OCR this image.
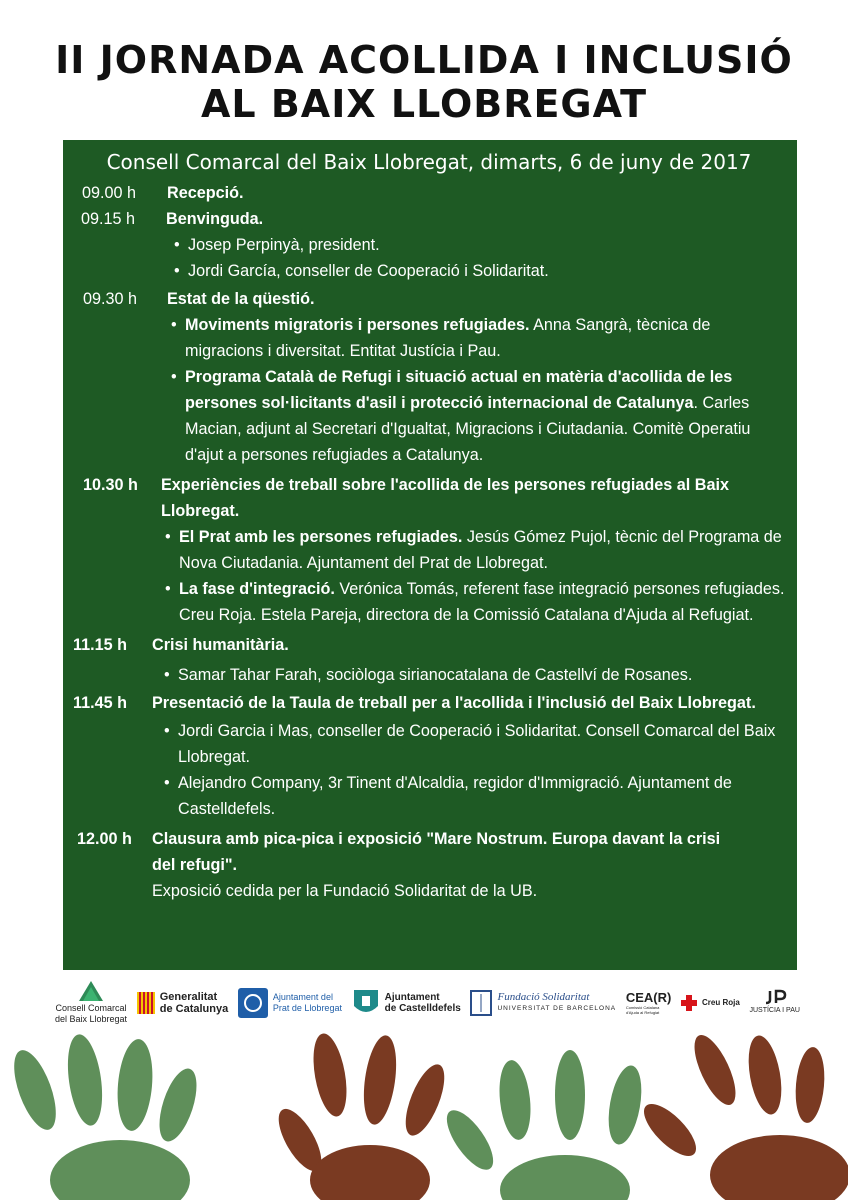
II JORNADA ACOLLIDA I INCLUSIÓ
AL BAIX LLOBREGAT
Consell Comarcal del Baix Llobregat, dimarts, 6 de juny de 2017
09.00 h Recepció.
09.15 h Benvinguda.
• Josep Perpinyà, president.
• Jordi García, conseller de Cooperació i Solidaritat.
09.30 h Estat de la qüestió.
• Moviments migratoris i persones refugiades. Anna Sangrà, tècnica de migracions i diversitat. Entitat Justícia i Pau.
• Programa Català de Refugi i situació actual en matèria d'acollida de les persones sol·licitants d'asil i protecció internacional de Catalunya. Carles Macian, adjunt al Secretari d'Igualtat, Migracions i Ciutadania. Comitè Operatiu d'ajut a persones refugiades a Catalunya.
10.30 h Experiències de treball sobre l'acollida de les persones refugiades al Baix Llobregat.
• El Prat amb les persones refugiades. Jesús Gómez Pujol, tècnic del Programa de Nova Ciutadania. Ajuntament del Prat de Llobregat.
• La fase d'integració. Verónica Tomás, referent fase integració persones refugiades. Creu Roja. Estela Pareja, directora de la Comissió Catalana d'Ajuda al Refugiat.
11.15 h Crisi humanitària.
• Samar Tahar Farah, sociòloga sirianocatalana de Castellví de Rosanes.
11.45 h Presentació de la Taula de treball per a l'acollida i l'inclusió del Baix Llobregat.
• Jordi Garcia i Mas, conseller de Cooperació i Solidaritat. Consell Comarcal del Baix Llobregat.
• Alejandro Company, 3r Tinent d'Alcaldia, regidor d'Immigració. Ajuntament de Castelldefels.
12.00 h Clausura amb pica-pica i exposició "Mare Nostrum. Europa davant la crisi del refugi".
Exposició cedida per la Fundació Solidaritat de la UB.
Consell Comarcal
del Baix Llobregat
Generalitat
de Catalunya
Ajuntament del
Prat de Llobregat
Ajuntament
de Castelldefels
Fundació Solidaritat
UNIVERSITAT DE BARCELONA
CEA(R)
Comissió Catalana d'Ajuda al Refugiat
Creu Roja
JUSTÍCIA I PAU
